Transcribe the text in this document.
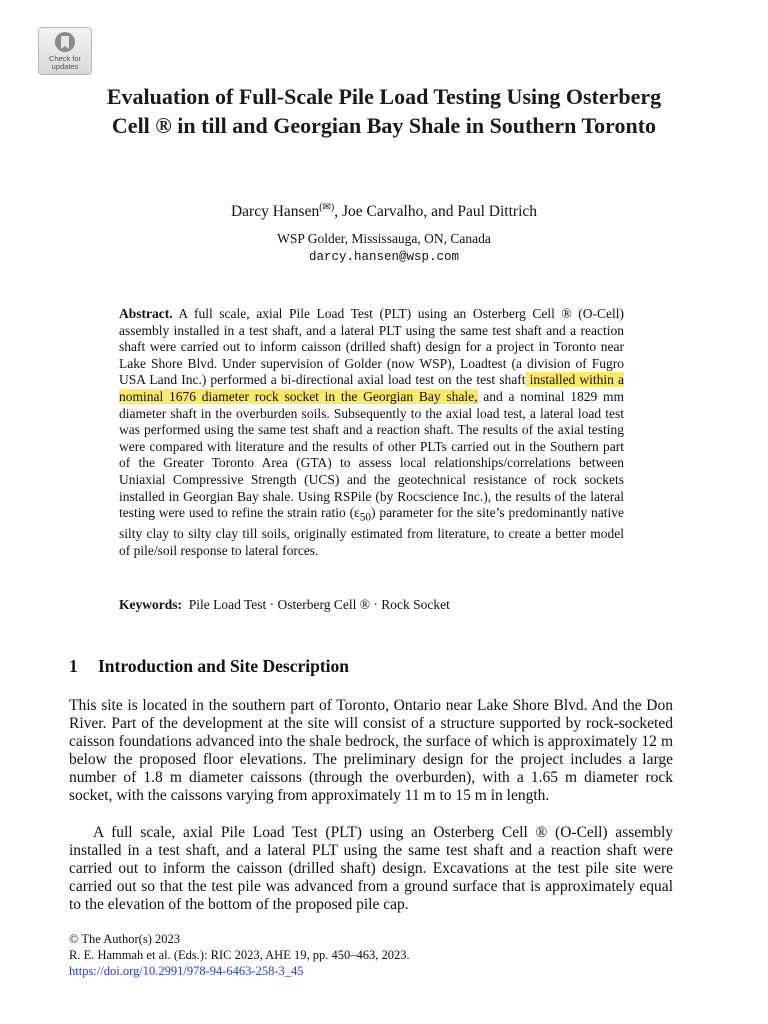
Check for
updates
Evaluation of Full-Scale Pile Load Testing Using Osterberg Cell ® in till and Georgian Bay Shale in Southern Toronto
Darcy Hansen(✉), Joe Carvalho, and Paul Dittrich
WSP Golder, Mississauga, ON, Canada
darcy.hansen@wsp.com

Abstract. A full scale, axial Pile Load Test (PLT) using an Osterberg Cell ® (O-Cell) assembly installed in a test shaft, and a lateral PLT using the same test shaft and a reaction shaft were carried out to inform caisson (drilled shaft) design for a project in Toronto near Lake Shore Blvd. Under supervision of Golder (now WSP), Loadtest (a division of Fugro USA Land Inc.) performed a bi-directional axial load test on the test shaft installed within a nominal 1676 diameter rock socket in the Georgian Bay shale, and a nominal 1829 mm diameter shaft in the overburden soils. Subsequently to the axial load test, a lateral load test was performed using the same test shaft and a reaction shaft. The results of the axial testing were compared with literature and the results of other PLTs carried out in the Southern part of the Greater Toronto Area (GTA) to assess local relationships/correlations between Uniaxial Compressive Strength (UCS) and the geotechnical resistance of rock sockets installed in Georgian Bay shale. Using RSPile (by Rocscience Inc.), the results of the lateral testing were used to refine the strain ratio $(\varepsilon_{50})$ parameter for the site’s predominantly native silty clay to silty clay till soils, originally estimated from literature, to create a better model of pile/soil response to lateral forces.

Keywords: Pile Load Test · Osterberg Cell ® · Rock Socket
1 Introduction and Site Description

This site is located in the southern part of Toronto, Ontario near Lake Shore Blvd. And the Don River. Part of the development at the site will consist of a structure supported by rock-socketed caisson foundations advanced into the shale bedrock, the surface of which is approximately 12 m below the proposed floor elevations. The preliminary design for the project includes a large number of 1.8 m diameter caissons (through the overburden), with a 1.65 m diameter rock socket, with the caissons varying from approximately 11 m to 15 m in length.

A full scale, axial Pile Load Test (PLT) using an Osterberg Cell ® (O-Cell) assembly installed in a test shaft, and a lateral PLT using the same test shaft and a reaction shaft were carried out to inform the caisson (drilled shaft) design. Excavations at the test pile site were carried out so that the test pile was advanced from a ground surface that is approximately equal to the elevation of the bottom of the proposed pile cap.

© The Author(s) 2023
R. E. Hammah et al. (Eds.): RIC 2023, AHE 19, pp. 450–463, 2023.
https://doi.org/10.2991/978-94-6463-258-3_45
